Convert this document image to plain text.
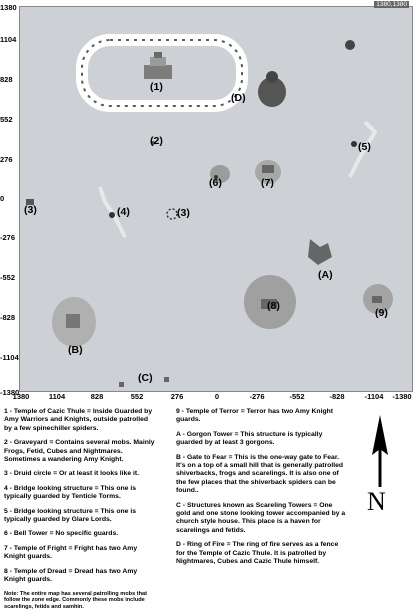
1380
1104
828
552
276
0
-276
-552
-828
-1104
-1380
(1)
(2)
(3)	(4)	(3)
(5)
(6)	(7)
(A)
(8)
(9)
(B)
(C)
(D)
1380,1380
1380	1104	828	552	276	0	-276	-552	-828	-1104 -1380

1 - Temple of Cazic Thule = Inside Guarded by Amy Warriors and Knights, outside patrolled by a few spinechiller spiders.

2 - Graveyard = Contains several mobs. Mainly Frogs, Fetid, Cubes and Nightmares. Sometimes a wandering Amy Knight.

3 - Druid circle = Or at least it looks like it.

4 - Bridge looking structure = This one is typically guarded by Tenticle Torms.

5 - Bridge looking structure = This one is typically guarded by Glare Lords.

6 - Bell Tower = No specific guards.

7 - Temple of Fright = Fright has two Amy Knight guards.

8 - Temple of Dread = Dread has two Amy Knight guards.

Note: The entire map has several patrolling mobs that follow the zone edge. Commonly these mobs include scarelings, fetids and samhin.

9 - Temple of Terror = Terror has two Amy Knight guards.

A - Gorgon Tower = This structure is typically guarded by at least 3 gorgons.

B - Gate to Fear = This is the one-way gate to Fear. It's on a top of a small hill that is generally patrolled shiverbacks, frogs and scarelings. It is also one of the few places that the shiverback spiders can be found..

C - Structures known as Scareling Towers = One gold and one stone looking tower accompanied by a church style house. This place is a haven for scarelings and fetids.

D - Ring of Fire = The ring of fire serves as a fence for the Temple of Cazic Thule. It is patrolled by Nightmares, Cubes and Cazic Thule himself.

N
